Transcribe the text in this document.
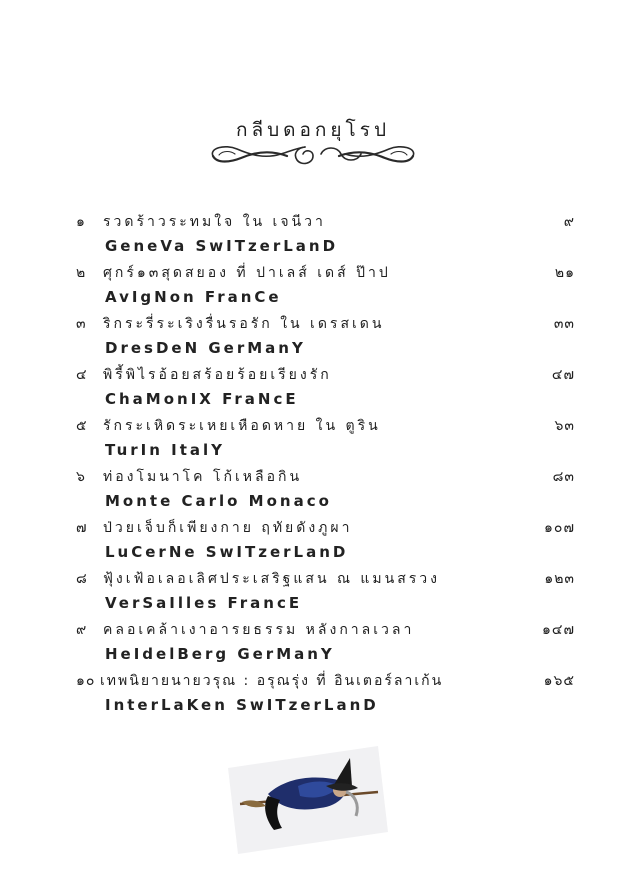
กลีบดอกยุโรป
๑ รวดร้าวระทมใจ ใน เจนีวา	๙
GeneVa SwITzerLanD
๒ ศุกร์๑๓สุดสยอง ที่ ปาเลส์ เดส์ ป๊าป	๒๑
AvIgNon FranCe
๓ ริกระรี่ระเริงรื่นรอรัก ใน เดรสเดน	๓๓
DresDeN GerManY
๔ พิรี้พิไรอ้อยสร้อยร้อยเรียงรัก	๔๗
ChaMonIX FraNcE
๕ รักระเหิดระเหยเหือดหาย ใน ตูริน	๖๓
TurIn ItalY
๖ ท่องโมนาโค โก้เหลือกิน	๘๓
Monte Carlo Monaco
๗ ป่วยเจ็บก็เพียงกาย ฤทัยดังภูผา	๑๐๗
LuCerNe SwITzerLanD
๘ ฟุ้งเฟ้อเลอเลิศประเสริฐแสน ณ แมนสรวง	๑๒๓
VerSaIlles FrancE
๙ คลอเคล้าเงาอารยธรรม หลังกาลเวลา	๑๔๗
HeIdelBerg GerManY
๑๐ เทพนิยายนายวรุณ : อรุณรุ่ง ที่ อินเตอร์ลาเก้น	๑๖๕
InterLaKen SwITzerLanD
